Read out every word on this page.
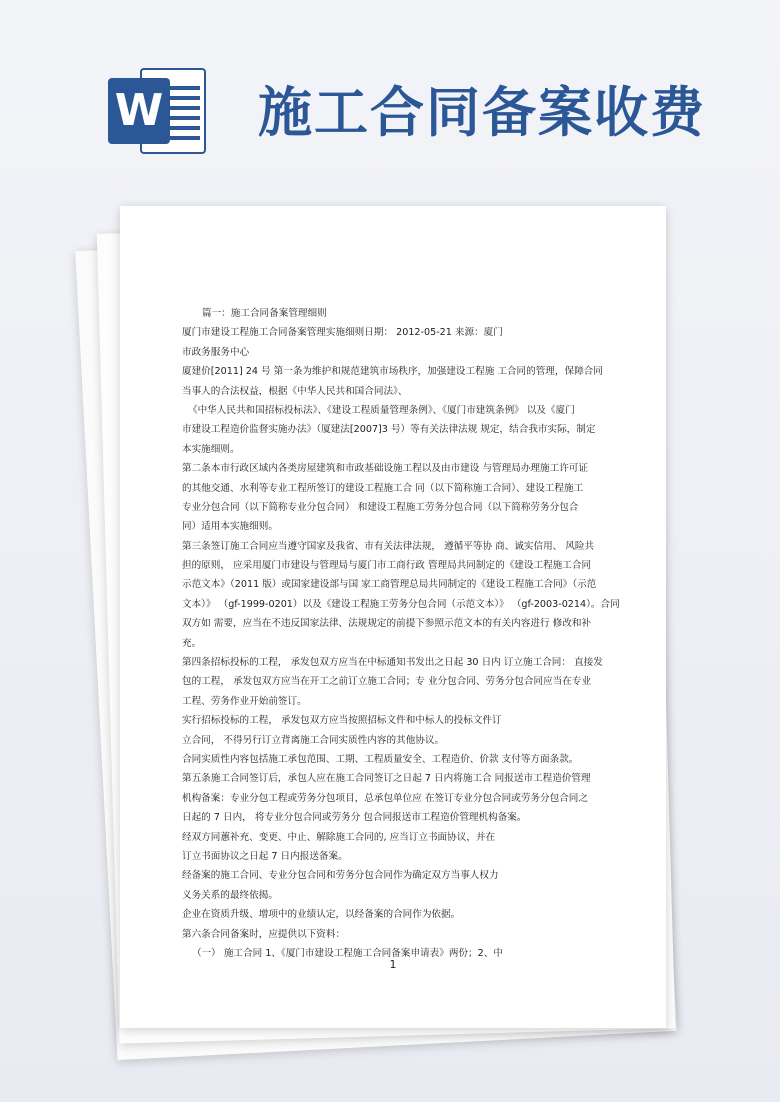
W 施工合同备案收费
篇一：施工合同备案管理细则
厦门市建设工程施工合同备案管理实施细则日期： 2012-05-21 来源：廈门
市政务服务中心
廈建价[2011] 24 号 第一条为维护和规范建筑市场秩序，加强建设工程施 工合同的管理，保障合同
当事人的合法权益，根据《中华人民共和国合同法》、
《中华人民共和国招标投标法》、《建设工程质量管理条例》、《厦门市建筑条例》 以及《廈门
市建设工程造价监督实施办法》（厦建法[2007]3 号）等有关法律法规 规定，结合我市实际，制定
本实施细则。
第二条本市行政区域内各类房屋建筑和市政基础设施工程以及由市建设 与管理局办理施工许可证
的其他交通、水利等专业工程所签订的建设工程施工合 同（以下简称施工合同）、建设工程施工
专业分包合同（以下简称专业分包合同） 和建设工程施工劳务分包合同（以下简称劳务分包合
同）适用本实施细则。
第三条签订施工合同应当遵守国家及我省、市有关法律法规， 遵循平等协 商、诚实信用、 风险共
担的原则， 应采用厦门市建设与管理局与廈门市工商行政 管理局共同制定的《建设工程施工合同
示范文本》（2011 版）或国家建设部与国 家工商管理总局共同制定的《建设工程施工合同》（示范
文本）》 （gf-1999-0201）以及《建设工程施工劳务分包合同（示范文本）》 （gf-2003-0214）。合同
双方如 需要，应当在不违反国家法律、法规规定的前提下参照示范文本的有关内容进行 修改和补
充。
第四条招标投标的工程， 承发包双方应当在中标通知书发出之日起 30 日内 订立施工合同： 直接发
包的工程， 承发包双方应当在开工之前订立施工合同；专 业分包合同、劳务分包合同应当在专业
工程、劳务作业开始前签订。
实行招标投标的工程， 承发包双方应当按照招标文件和中标人的投标文件订
立合同， 不得另行订立背离施工合同实质性内容的其他协议。
合同实质性内容包括施工承包范围、工期、工程质量安全、工程造价、价款 支付等方面条款。
第五条施工合同签订后，承包人应在施工合同签订之日起 7 日内将施工合 同报送市工程造价管理
机构备案：专业分包工程或劳务分包项目，总承包单位应 在签订专业分包合同或劳务分包合同之
日起的 7 日内， 将专业分包合同或劳务分 包合同报送市工程造价管理机构备案。
经双方同蕙补充、变更、中止、解除施工合同的, 应当订立书面协议，并在
订立书面协议之日起 7 日内报送备案。
经备案的施工合同、专业分包合同和劳务分包合同作为确定双方当事人权力
义务关系的最终依揭。
企业在资质升级、增项中的业绩认定，以经备案的合同作为依据。
第六条合同备案时，应提供以下资料：
（一） 施工合同 1、《厦门市建设工程施工合同备案申请表》两份；2、中
1
